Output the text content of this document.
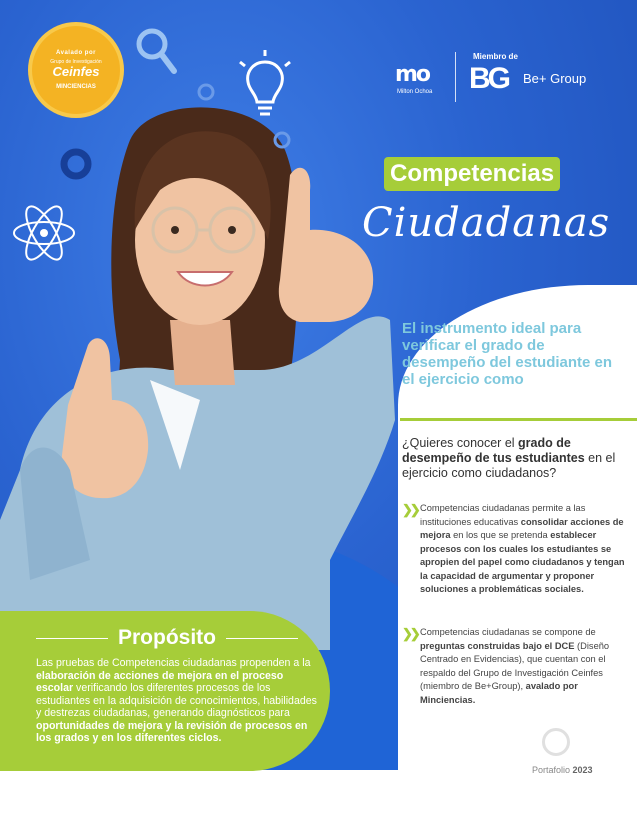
Avalado por
Grupo de Investigación
Ceinfes
MINCIENCIAS	mo
Milton Ochoa
Miembro de
BG Be+ Group
Competencias
Ciudadanas
El instrumento ideal para verificar el grado de desempeño del estudiante en el ejercicio como
¿Quieres conocer el grado de desempeño de tus estudiantes en el ejercicio como ciudadanos?
❯❯ Competencias ciudadanas permite a las instituciones educativas consolidar acciones de mejora en los que se pretenda establecer procesos con los cuales los estudiantes se apropien del papel como ciudadanos y tengan la capacidad de argumentar y proponer soluciones a problemáticas sociales.
❯❯ Competencias ciudadanas se compone de preguntas construidas bajo el DCE (Diseño Centrado en Evidencias), que cuentan con el respaldo del Grupo de Investigación Ceinfes (miembro de Be+Group), avalado por Minciencias.
Portafolio 2023
Propósito
Las pruebas de Competencias ciudadanas propenden a la elaboración de acciones de mejora en el proceso escolar verificando los diferentes procesos de los estudiantes en la adquisición de conocimientos, habilidades y destrezas ciudadanas, generando diagnósticos para oportunidades de mejora y la revisión de procesos en los grados y en los diferentes ciclos.
